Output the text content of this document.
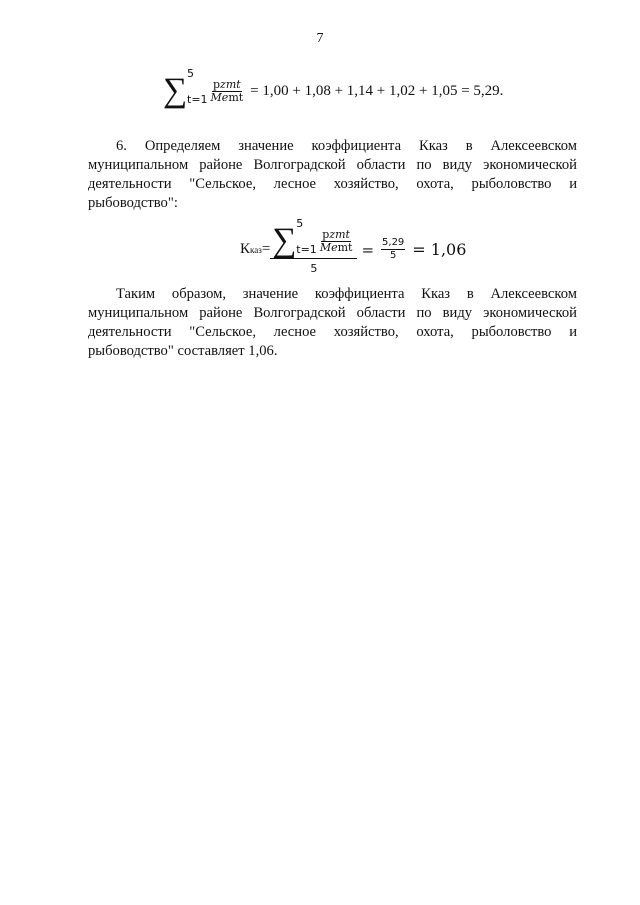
7
∑ 5
$t=1 \frac{\text{pzmt}}{\text{Memt}} = 1,00 + 1,08 + 1,14 + 1,02 + 1,05 = 5,29$.
6. Определяем значение коэффициента Кказ в Алексеевском муниципальном районе Волгоградской области по виду экономической деятельности "Сельское, лесное хозяйство, охота, рыболовство и рыбоводство":
К каз = ∑ 5
$t=1 \frac{\text{pzmt}}{\text{Memt}}$
5
= $\frac{5,29}{5} = 1,06$
Таким образом, значение коэффициента Кказ в Алексеевском муниципальном районе Волгоградской области по виду экономической деятельности "Сельское, лесное хозяйство, охота, рыболовство и рыбоводство" составляет 1,06.
